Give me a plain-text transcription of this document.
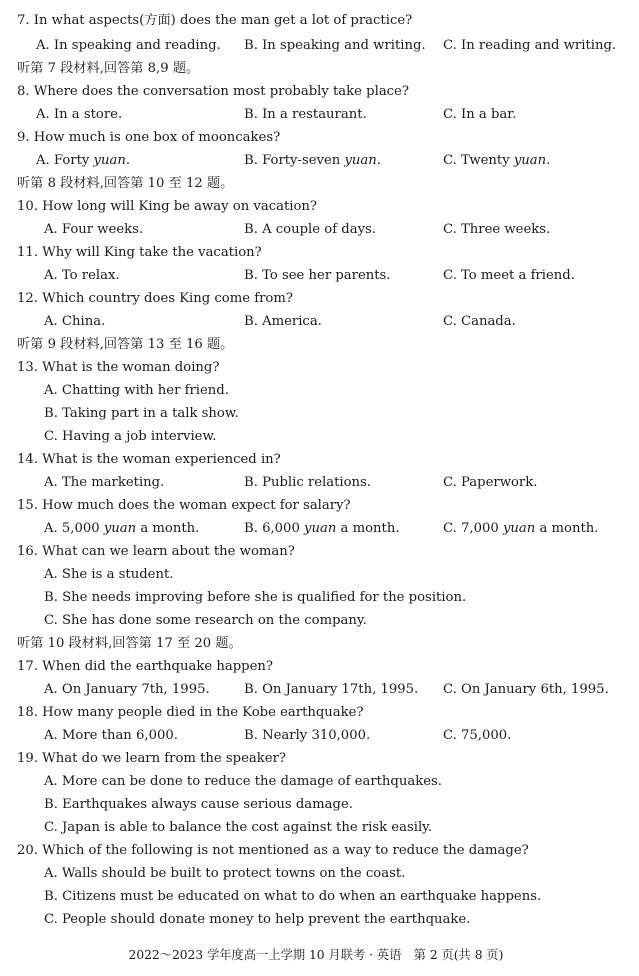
7. In what aspects(方面) does the man get a lot of practice?
A. In speaking and reading. B. In speaking and writing. C. In reading and writing.
听第 7 段材料,回答第 8,9 题。
8. Where does the conversation most probably take place?
A. In a store.	B. In a restaurant.	C. In a bar.
9. How much is one box of mooncakes?
A. Forty yuan.	B. Forty-seven yuan.	C. Twenty yuan.
听第 8 段材料,回答第 10 至 12 题。
10. How long will King be away on vacation?
A. Four weeks.	B. A couple of days.	C. Three weeks.
11. Why will King take the vacation?
A. To relax.	B. To see her parents.	C. To meet a friend.
12. Which country does King come from?
A. China.	B. America.	C. Canada.
听第 9 段材料,回答第 13 至 16 题。
13. What is the woman doing?
A. Chatting with her friend.
B. Taking part in a talk show.
C. Having a job interview.
14. What is the woman experienced in?
A. The marketing.	B. Public relations.	C. Paperwork.
15. How much does the woman expect for salary?
A. 5,000 yuan a month.	B. 6,000 yuan a month.	C. 7,000 yuan a month.
16. What can we learn about the woman?
A. She is a student.
B. She needs improving before she is qualified for the position.
C. She has done some research on the company.
听第 10 段材料,回答第 17 至 20 题。
17. When did the earthquake happen?
A. On January 7th, 1995.	B. On January 17th, 1995. C. On January 6th, 1995.
18. How many people died in the Kobe earthquake?
A. More than 6,000.	B. Nearly 310,000.	C. 75,000.
19. What do we learn from the speaker?
A. More can be done to reduce the damage of earthquakes.
B. Earthquakes always cause serious damage.
C. Japan is able to balance the cost against the risk easily.
20. Which of the following is not mentioned as a way to reduce the damage?
A. Walls should be built to protect towns on the coast.
B. Citizens must be educated on what to do when an earthquake happens.
C. People should donate money to help prevent the earthquake.
2022～2023 学年度高一上学期 10 月联考 · 英语　第 2 页(共 8 页)
